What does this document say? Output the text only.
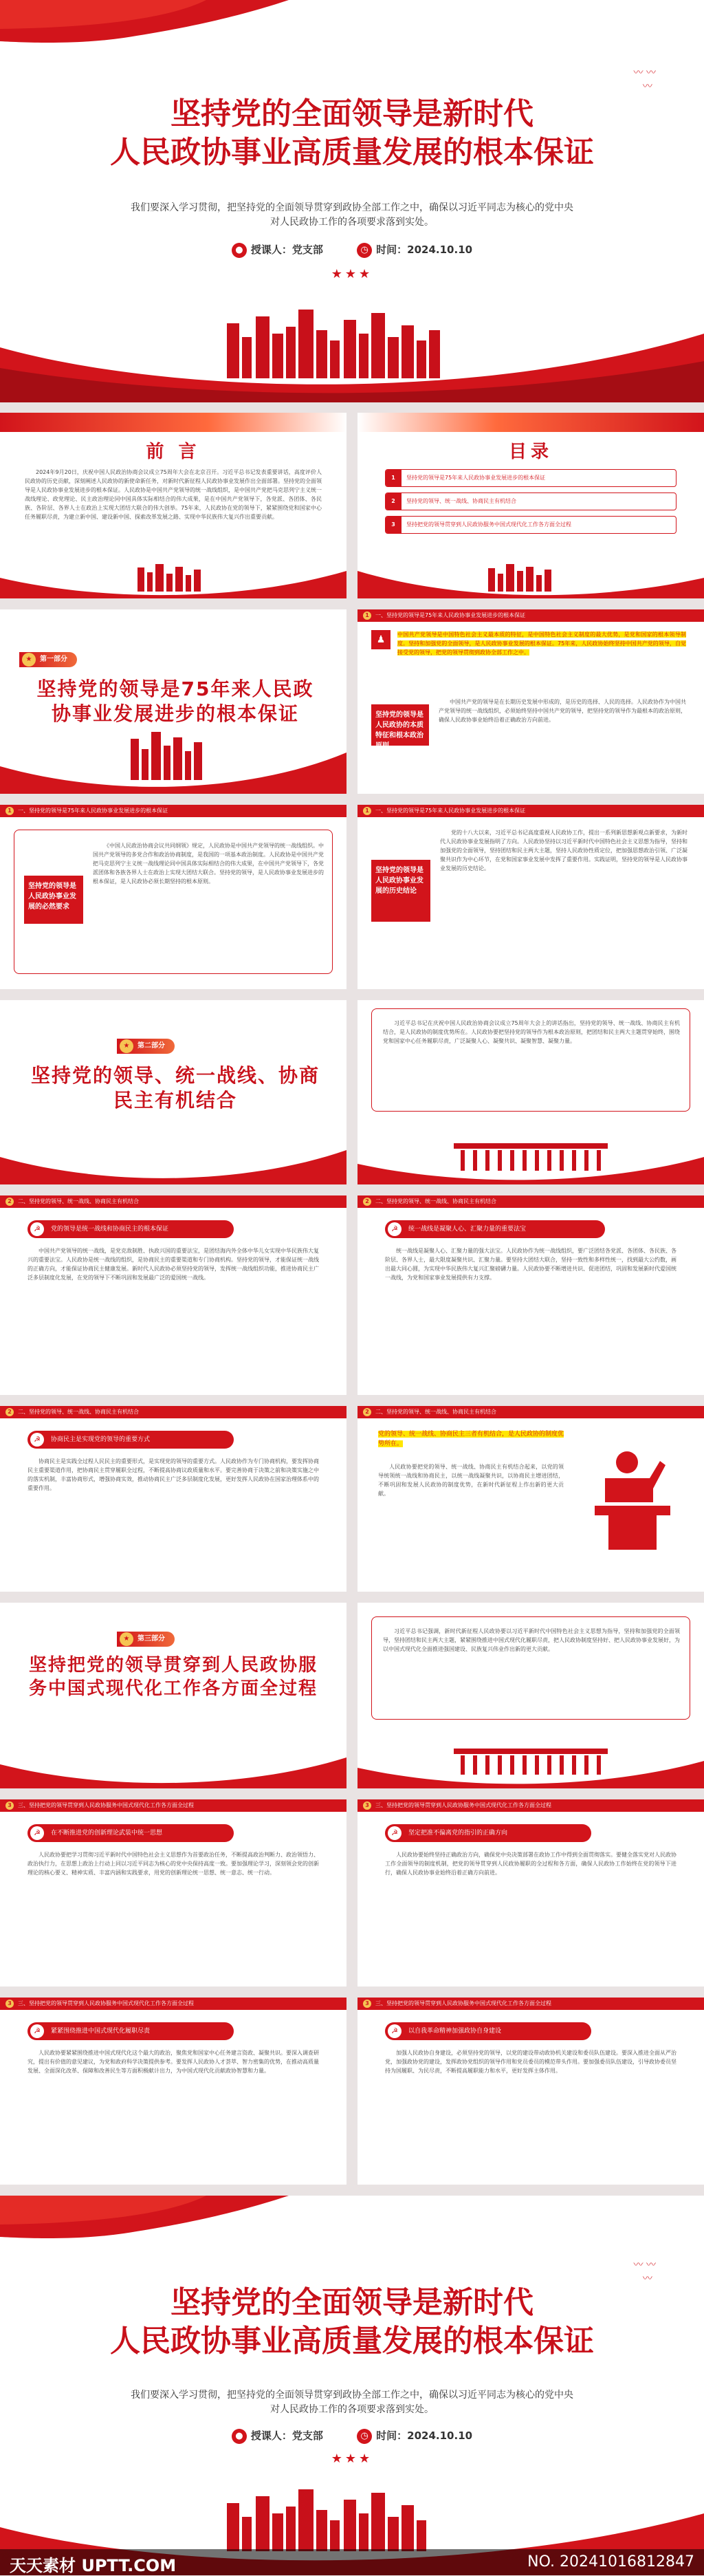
〰 〰
〰
坚持党的全面领导是新时代
人民政协事业高质量发展的根本保证
我们要深入学习贯彻，把坚持党的全面领导贯穿到政协全部工作之中，确保以习近平同志为核心的党中央对人民政协工作的各项要求落到实处。
● 授课人：党支部	◷ 时间：2024.10.10
★★★
前 言
2024年9月20日，庆祝中国人民政治协商会议成立75周年大会在北京召开。习近平总书记发表重要讲话，高度评价人民政协的历史贡献，深刻阐述人民政协的新使命新任务，对新时代新征程人民政协事业发展作出全面部署。坚持党的全面领导是人民政协事业发展进步的根本保证。人民政协是中国共产党领导的统一战线组织，是中国共产党把马克思列宁主义统一战线理论、政党理论、民主政治理论同中国具体实际相结合的伟大成果，是在中国共产党领导下，各党派、各团体、各民族、各阶层、各界人士在政治上实现大团结大联合的伟大创举。75年来，人民政协在党的领导下，紧紧围绕党和国家中心任务履职尽责，为建立新中国、建设新中国、探索改革发展之路、实现中华民族伟大复兴作出重要贡献。
目录
1	坚持党的领导是75年来人民政协事业发展进步的根本保证
2	坚持党的领导、统一战线、协商民主有机结合
3	坚持把党的领导贯穿到人民政协服务中国式现代化工作各方面全过程
★	第一部分
坚持党的领导是75年来人民政协事业发展进步的根本保证
1	一、坚持党的领导是75年来人民政协事业发展进步的根本保证
♟	中国共产党领导是中国特色社会主义最本质的特征，是中国特色社会主义制度的最大优势，是党和国家的根本领导制度。坚持和加强党的全面领导，是人民政协事业发展的根本保证。75年来，人民政协始终坚持中国共产党的领导，自觉接受党的领导，把党的领导贯彻到政协全部工作之中。
坚持党的领导是人民政协的本质特征和根本政治原则
中国共产党的领导是在长期历史发展中形成的，是历史的选择、人民的选择。人民政协作为中国共产党领导的统一战线组织，必须始终坚持中国共产党的领导，把坚持党的领导作为最根本的政治原则，确保人民政协事业始终沿着正确政治方向前进。
1	一、坚持党的领导是75年来人民政协事业发展进步的根本保证
坚持党的领导是人民政协事业发展的必然要求
《中国人民政治协商会议共同纲领》规定，人民政协是中国共产党领导的统一战线组织。中国共产党领导的多党合作和政治协商制度，是我国的一项基本政治制度。人民政协是中国共产党把马克思列宁主义统一战线理论同中国具体实际相结合的伟大成果，在中国共产党领导下，各党派团体和各族各界人士在政治上实现大团结大联合。坚持党的领导，是人民政协事业发展进步的根本保证，是人民政协必须长期坚持的根本原则。
1	一、坚持党的领导是75年来人民政协事业发展进步的根本保证
坚持党的领导是人民政协事业发展的历史结论
党的十八大以来，习近平总书记高度重视人民政协工作，提出一系列新思想新观点新要求，为新时代人民政协事业发展指明了方向。人民政协坚持以习近平新时代中国特色社会主义思想为指导，坚持和加强党的全面领导，坚持团结和民主两大主题，坚持人民政协性质定位，把加强思想政治引领、广泛凝聚共识作为中心环节，在党和国家事业发展中发挥了重要作用。实践证明，坚持党的领导是人民政协事业发展的历史结论。
★	第二部分
坚持党的领导、统一战线、协商民主有机结合
习近平总书记在庆祝中国人民政治协商会议成立75周年大会上的讲话指出，坚持党的领导、统一战线、协商民主有机结合，是人民政协的制度优势所在。人民政协要把坚持党的领导作为根本政治原则，把团结和民主两大主题贯穿始终，围绕党和国家中心任务履职尽责，广泛凝聚人心、凝聚共识、凝聚智慧、凝聚力量。
2	二、坚持党的领导、统一战线、协商民主有机结合
☭	党的领导是统一战线和协商民主的根本保证
中国共产党领导的统一战线，是党克敌制胜、执政兴国的重要法宝，是团结海内外全体中华儿女实现中华民族伟大复兴的重要法宝。人民政协是统一战线的组织，是协商民主的重要渠道和专门协商机构。坚持党的领导，才能保证统一战线的正确方向，才能保证协商民主健康发展。新时代人民政协必须坚持党的领导，发挥统一战线组织功能，推进协商民主广泛多层制度化发展，在党的领导下不断巩固和发展最广泛的爱国统一战线。
2	二、坚持党的领导、统一战线、协商民主有机结合
☭	统一战线是凝聚人心、汇聚力量的重要法宝
统一战线是凝聚人心、汇聚力量的强大法宝。人民政协作为统一战线组织，要广泛团结各党派、各团体、各民族、各阶层、各界人士，最大限度凝聚共识、汇聚力量。要坚持大团结大联合，坚持一致性和多样性统一，找到最大公约数，画出最大同心圆，为实现中华民族伟大复兴汇聚磅礴力量。人民政协要不断增进共识、促进团结，巩固和发展新时代爱国统一战线，为党和国家事业发展提供有力支撑。
2	二、坚持党的领导、统一战线、协商民主有机结合
☭	协商民主是实现党的领导的重要方式
协商民主是实践全过程人民民主的重要形式，是实现党的领导的重要方式。人民政协作为专门协商机构，要发挥协商民主重要渠道作用，把协商民主贯穿履职全过程，不断提高协商议政质量和水平。要完善协商于决策之前和决策实施之中的落实机制，丰富协商形式，增强协商实效，推动协商民主广泛多层制度化发展，更好发挥人民政协在国家治理体系中的重要作用。
2	二、坚持党的领导、统一战线、协商民主有机结合
党的领导、统一战线、协商民主三者有机结合，是人民政协的制度优势所在。
人民政协要把党的领导、统一战线、协商民主有机结合起来，以党的领导统领统一战线和协商民主，以统一战线凝聚共识，以协商民主增进团结，不断巩固和发展人民政协的制度优势，在新时代新征程上作出新的更大贡献。
★	第三部分
坚持把党的领导贯穿到人民政协服务中国式现代化工作各方面全过程
习近平总书记强调，新时代新征程人民政协要以习近平新时代中国特色社会主义思想为指导，坚持和加强党的全面领导，坚持团结和民主两大主题，紧紧围绕推进中国式现代化履职尽责，把人民政协制度坚持好、把人民政协事业发展好，为以中国式现代化全面推进强国建设、民族复兴伟业作出新的更大贡献。
3	三、坚持把党的领导贯穿到人民政协服务中国式现代化工作各方面全过程
☭	在不断推进党的创新理论武装中统一思想
人民政协要把学习贯彻习近平新时代中国特色社会主义思想作为首要政治任务，不断提高政治判断力、政治领悟力、政治执行力，在思想上政治上行动上同以习近平同志为核心的党中央保持高度一致。要加强理论学习，深刻领会党的创新理论的核心要义、精神实质、丰富内涵和实践要求，用党的创新理论统一思想、统一意志、统一行动。
3	三、坚持把党的领导贯穿到人民政协服务中国式现代化工作各方面全过程
☭	坚定把准不偏离党的指引的正确方向
人民政协要始终坚持正确政治方向，确保党中央决策部署在政协工作中得到全面贯彻落实。要健全落实党对人民政协工作全面领导的制度机制，把党的领导贯穿到人民政协履职的全过程和各方面，确保人民政协工作始终在党的领导下进行，确保人民政协事业始终沿着正确方向前进。
3	三、坚持把党的领导贯穿到人民政协服务中国式现代化工作各方面全过程
☭	紧紧围绕推进中国式现代化履职尽责
人民政协要紧紧围绕推进中国式现代化这个最大的政治，聚焦党和国家中心任务建言资政、凝聚共识。要深入调查研究，提出有价值的意见建议，为党和政府科学决策提供参考。要发挥人民政协人才荟萃、智力密集的优势，在推动高质量发展、全面深化改革、保障和改善民生等方面积极献计出力，为中国式现代化贡献政协智慧和力量。
3	三、坚持把党的领导贯穿到人民政协服务中国式现代化工作各方面全过程
☭	以自我革命精神加强政协自身建设
加强人民政协自身建设，必须坚持党的领导，以党的建设带动政协机关建设和委员队伍建设。要深入推进全面从严治党，加强政协党的建设，发挥政协党组织的领导作用和党员委员的模范带头作用。要加强委员队伍建设，引导政协委员坚持为国履职、为民尽责，不断提高履职能力和水平，更好发挥主体作用。
〰 〰
〰
坚持党的全面领导是新时代
人民政协事业高质量发展的根本保证
我们要深入学习贯彻，把坚持党的全面领导贯穿到政协全部工作之中，确保以习近平同志为核心的党中央对人民政协工作的各项要求落到实处。
● 授课人：党支部	◷ 时间：2024.10.10
★★★
天天素材 UPTT.COM	NO. 20241016812847
